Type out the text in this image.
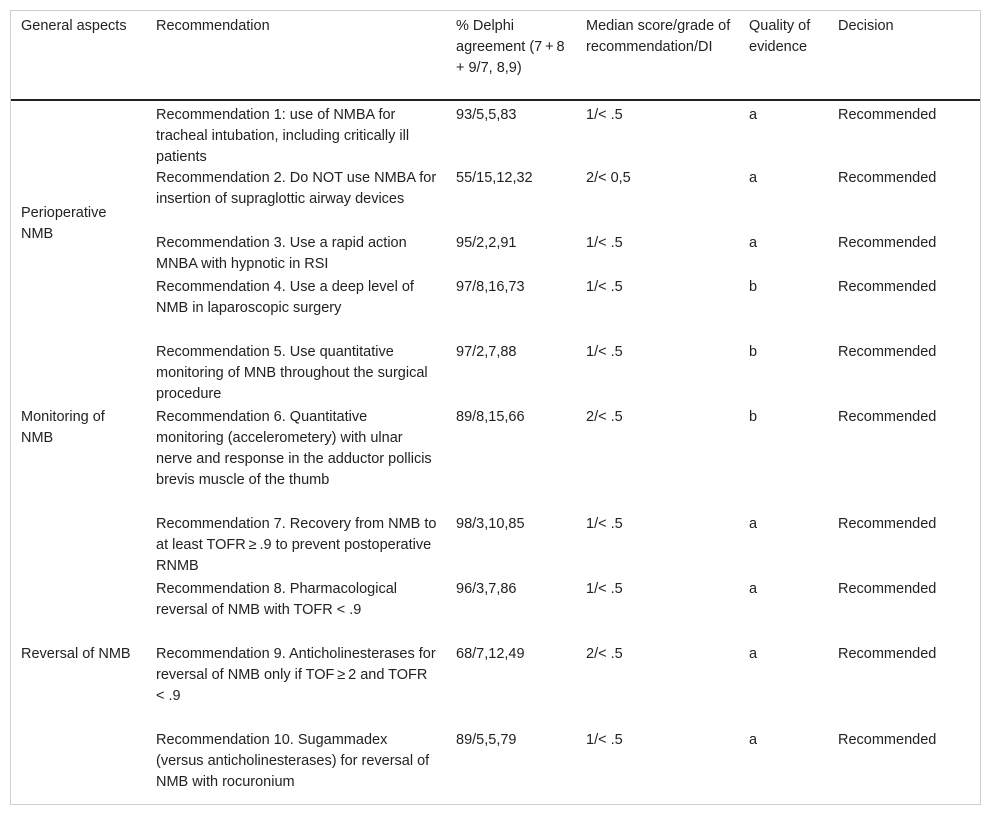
General aspects	Recommendation	% Delphi agreement (7 + 8 + 9/7, 8,9)	Median score/grade of recommendation/DI	Quality of evidence	Decision
Perioperative NMB	Recommendation 1: use of NMBA for tracheal intubation, including critically ill patients	93/5,5,83	1/< .5	a	Recommended
	Recommendation 2. Do NOT use NMBA for insertion of supraglottic airway devices	55/15,12,32	2/< 0,5	a	Recommended
	Recommendation 3. Use a rapid action MNBA with hypnotic in RSI	95/2,2,91	1/< .5	a	Recommended
	Recommendation 4. Use a deep level of NMB in laparoscopic surgery	97/8,16,73	1/< .5	b	Recommended
Monitoring of NMB	Recommendation 5. Use quantitative monitoring of MNB throughout the surgical procedure	97/2,7,88	1/< .5	b	Recommended
	Recommendation 6. Quantitative monitoring (accelerometery) with ulnar nerve and response in the adductor pollicis brevis muscle of the thumb	89/8,15,66	2/< .5	b	Recommended
Reversal of NMB	Recommendation 7. Recovery from NMB to at least TOFR ≥ .9 to prevent postoperative RNMB	98/3,10,85	1/< .5	a	Recommended
	Recommendation 8. Pharmacological reversal of NMB with TOFR < .9	96/3,7,86	1/< .5	a	Recommended
	Recommendation 9. Anticholinesterases for reversal of NMB only if TOF ≥ 2 and TOFR < .9	68/7,12,49	2/< .5	a	Recommended
	Recommendation 10. Sugammadex (versus anticholinesterases) for reversal of NMB with rocuronium	89/5,5,79	1/< .5	a	Recommended
